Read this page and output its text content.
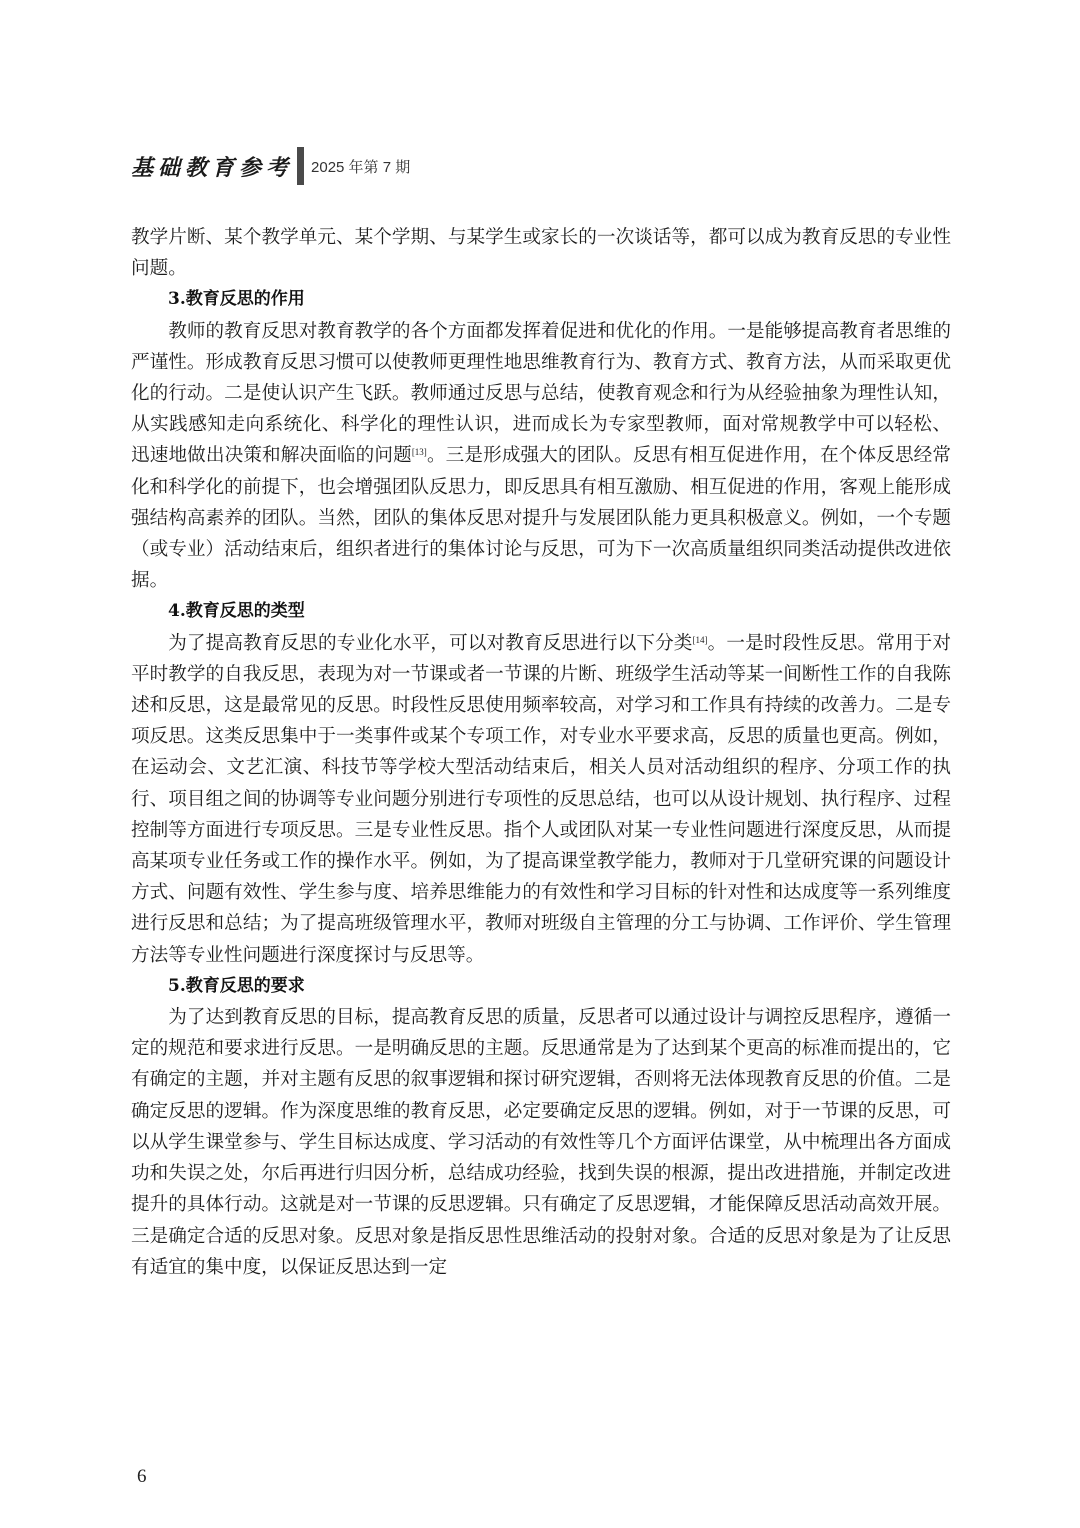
基础教育参考 2025 年第 7 期

教学片断、某个教学单元、某个学期、与某学生或家长的一次谈话等，都可以成为教育反思的专业性问题。

3.教育反思的作用

教师的教育反思对教育教学的各个方面都发挥着促进和优化的作用。一是能够提高教育者思维的严谨性。形成教育反思习惯可以使教师更理性地思维教育行为、教育方式、教育方法，从而采取更优化的行动。二是使认识产生飞跃。教师通过反思与总结，使教育观念和行为从经验抽象为理性认知，从实践感知走向系统化、科学化的理性认识，进而成长为专家型教师，面对常规教学中可以轻松、 迅速地做出决策和解决面临的问题[13]。三是形成强大的团队。反思有相互促进作用，在个体反思经常化和科学化的前提下，也会增强团队反思力，即反思具有相互激励、相互促进的作用，客观上能形成强结构高素养的团队。当然，团队的集体反思对提升与发展团队能力更具积极意义。例如，一个专题（或专业）活动结束后，组织者进行的集体讨论与反思，可为下一次高质量组织同类活动提供改进依据。

4.教育反思的类型

为了提高教育反思的专业化水平，可以对教育反思进行以下分类[14]。一是时段性反思。常用于对平时教学的自我反思，表现为对一节课或者一节课的片断、班级学生活动等某一间断性工作的自我陈述和反思，这是最常见的反思。时段性反思使用频率较高，对学习和工作具有持续的改善力。二是专项反思。这类反思集中于一类事件或某个专项工作，对专业水平要求高，反思的质量也更高。例如，在运动会、文艺汇演、科技节等学校大型活动结束后，相关人员对活动组织的程序、分项工作的执行、项目组之间的协调等专业问题分别进行专项性的反思总结，也可以从设计规划、执行程序、过程控制等方面进行专项反思。三是专业性反思。指个人或团队对某一专业性问题进行深度反思，从而提高某项专业任务或工作的操作水平。例如，为了提高课堂教学能力，教师对于几堂研究课的问题设计方式、问题有效性、学生参与度、培养思维能力的有效性和学习目标的针对性和达成度等一系列维度进行反思和总结；为了提高班级管理水平，教师对班级自主管理的分工与协调、工作评价、学生管理方法等专业性问题进行深度探讨与反思等。

5.教育反思的要求

为了达到教育反思的目标，提高教育反思的质量，反思者可以通过设计与调控反思程序，遵循一定的规范和要求进行反思。一是明确反思的主题。反思通常是为了达到某个更高的标准而提出的，它有确定的主题，并对主题有反思的叙事逻辑和探讨研究逻辑，否则将无法体现教育反思的价值。二是确定反思的逻辑。作为深度思维的教育反思，必定要确定反思的逻辑。例如，对于一节课的反思，可以从学生课堂参与、学生目标达成度、学习活动的有效性等几个方面评估课堂，从中梳理出各方面成功和失误之处，尔后再进行归因分析，总结成功经验，找到失误的根源，提出改进措施，并制定改进提升的具体行动。这就是对一节课的反思逻辑。只有确定了反思逻辑，才能保障反思活动高效开展。三是确定合适的反思对象。反思对象是指反思性思维活动的投射对象。合适的反思对象是为了让反思有适宜的集中度，以保证反思达到一定

6
